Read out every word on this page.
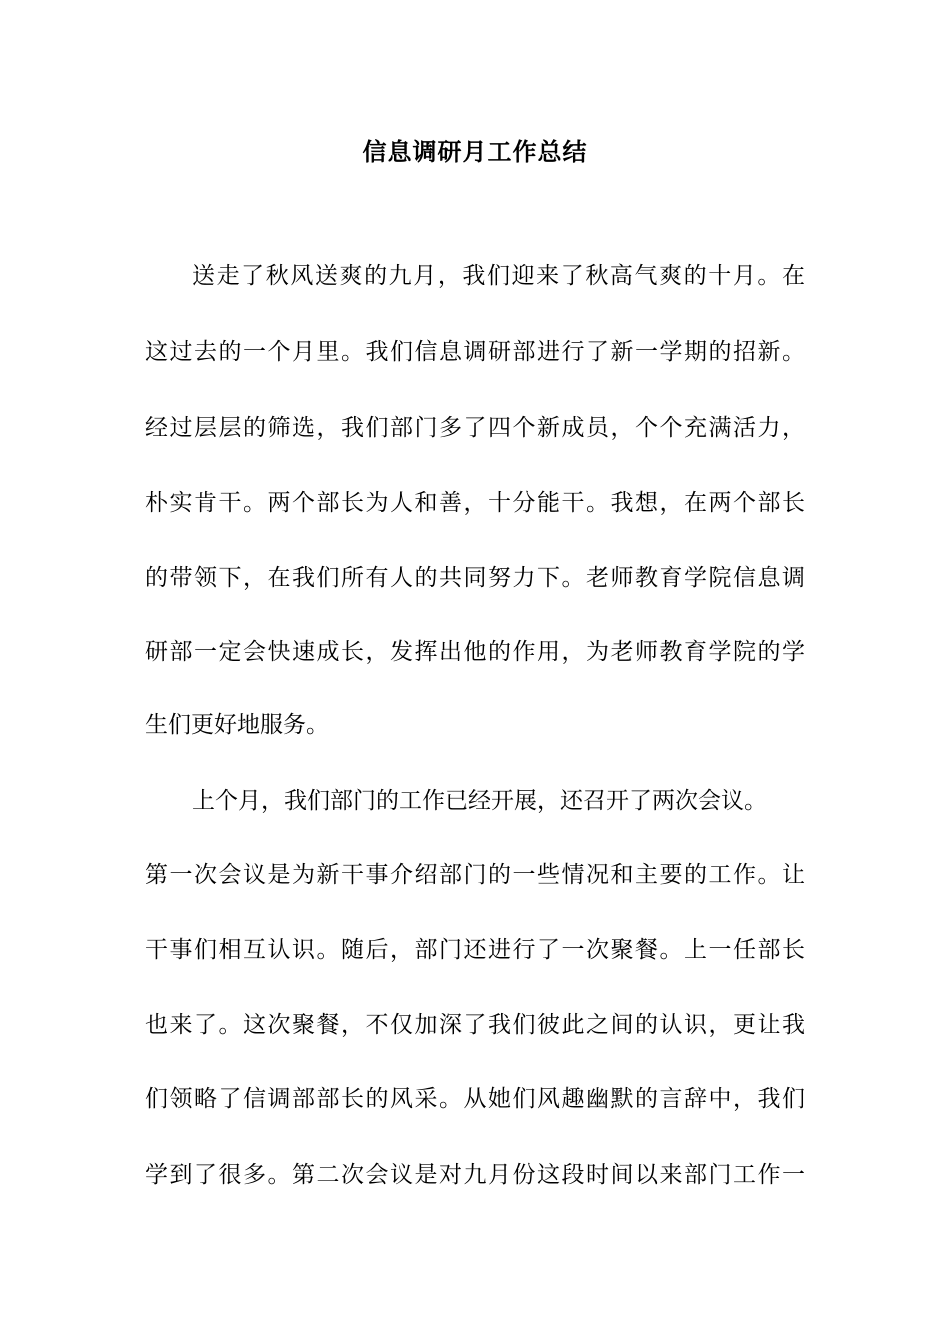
信息调研月工作总结
送走了秋风送爽的九月，我们迎来了秋高气爽的十月。在
这过去的一个月里。我们信息调研部进行了新一学期的招新。
经过层层的筛选，我们部门多了四个新成员，个个充满活力，
朴实肯干。两个部长为人和善，十分能干。我想，在两个部长
的带领下，在我们所有人的共同努力下。老师教育学院信息调
研部一定会快速成长，发挥出他的作用，为老师教育学院的学
生们更好地服务。
上个月，我们部门的工作已经开展，还召开了两次会议。
第一次会议是为新干事介绍部门的一些情况和主要的工作。让
干事们相互认识。随后，部门还进行了一次聚餐。上一任部长
也来了。这次聚餐，不仅加深了我们彼此之间的认识，更让我
们领略了信调部部长的风采。从她们风趣幽默的言辞中，我们
学到了很多。第二次会议是对九月份这段时间以来部门工作一
